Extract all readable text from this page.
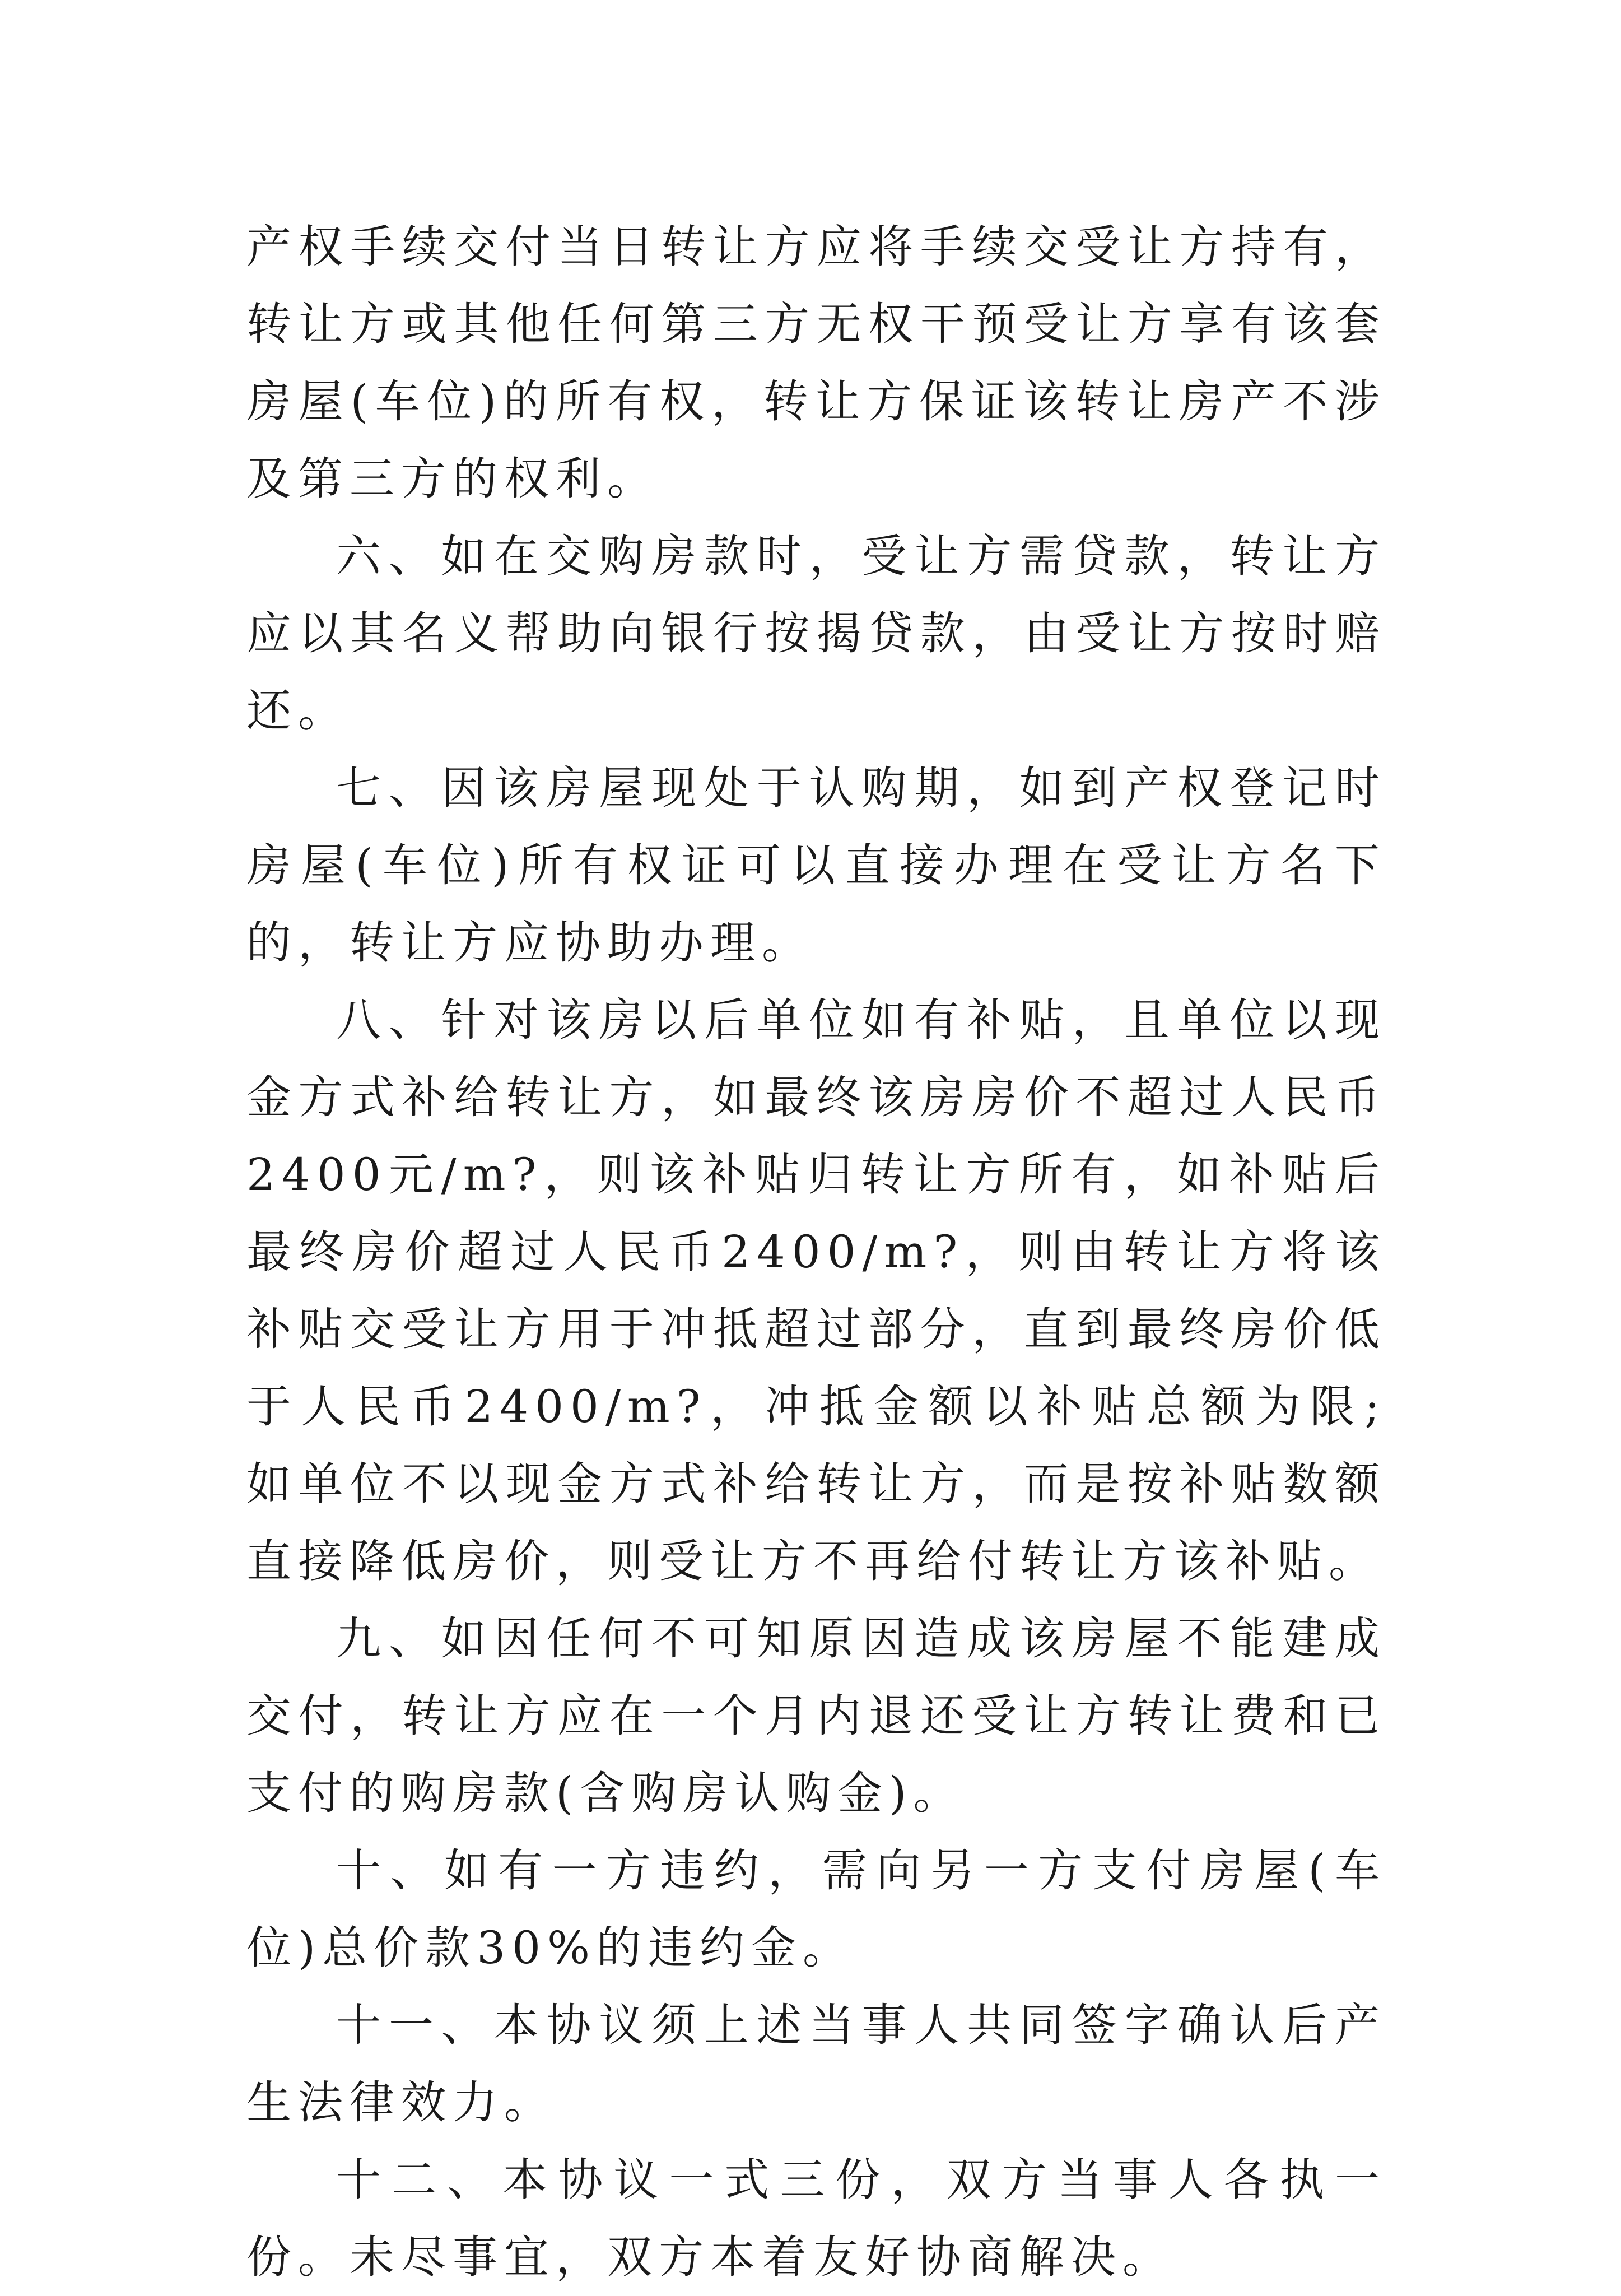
产权手续交付当日转让方应将手续交受让方持有，转让方或其他任何第三方无权干预受让方享有该套房屋(车位)的所有权，转让方保证该转让房产不涉及第三方的权利。

六、如在交购房款时，受让方需贷款，转让方应以其名义帮助向银行按揭贷款，由受让方按时赔还。

七、因该房屋现处于认购期，如到产权登记时房屋(车位)所有权证可以直接办理在受让方名下的，转让方应协助办理。

八、针对该房以后单位如有补贴，且单位以现金方式补给转让方，如最终该房房价不超过人民币2400元/m?，则该补贴归转让方所有，如补贴后最终房价超过人民币2400/m?，则由转让方将该补贴交受让方用于冲抵超过部分，直到最终房价低于人民币2400/m?，冲抵金额以补贴总额为限;如单位不以现金方式补给转让方，而是按补贴数额直接降低房价，则受让方不再给付转让方该补贴。

九、如因任何不可知原因造成该房屋不能建成交付，转让方应在一个月内退还受让方转让费和已支付的购房款(含购房认购金)。

十、如有一方违约，需向另一方支付房屋(车位)总价款30%的违约金。

十一、本协议须上述当事人共同签字确认后产生法律效力。

十二、本协议一式三份，双方当事人各执一份。未尽事宜，双方本着友好协商解决。
